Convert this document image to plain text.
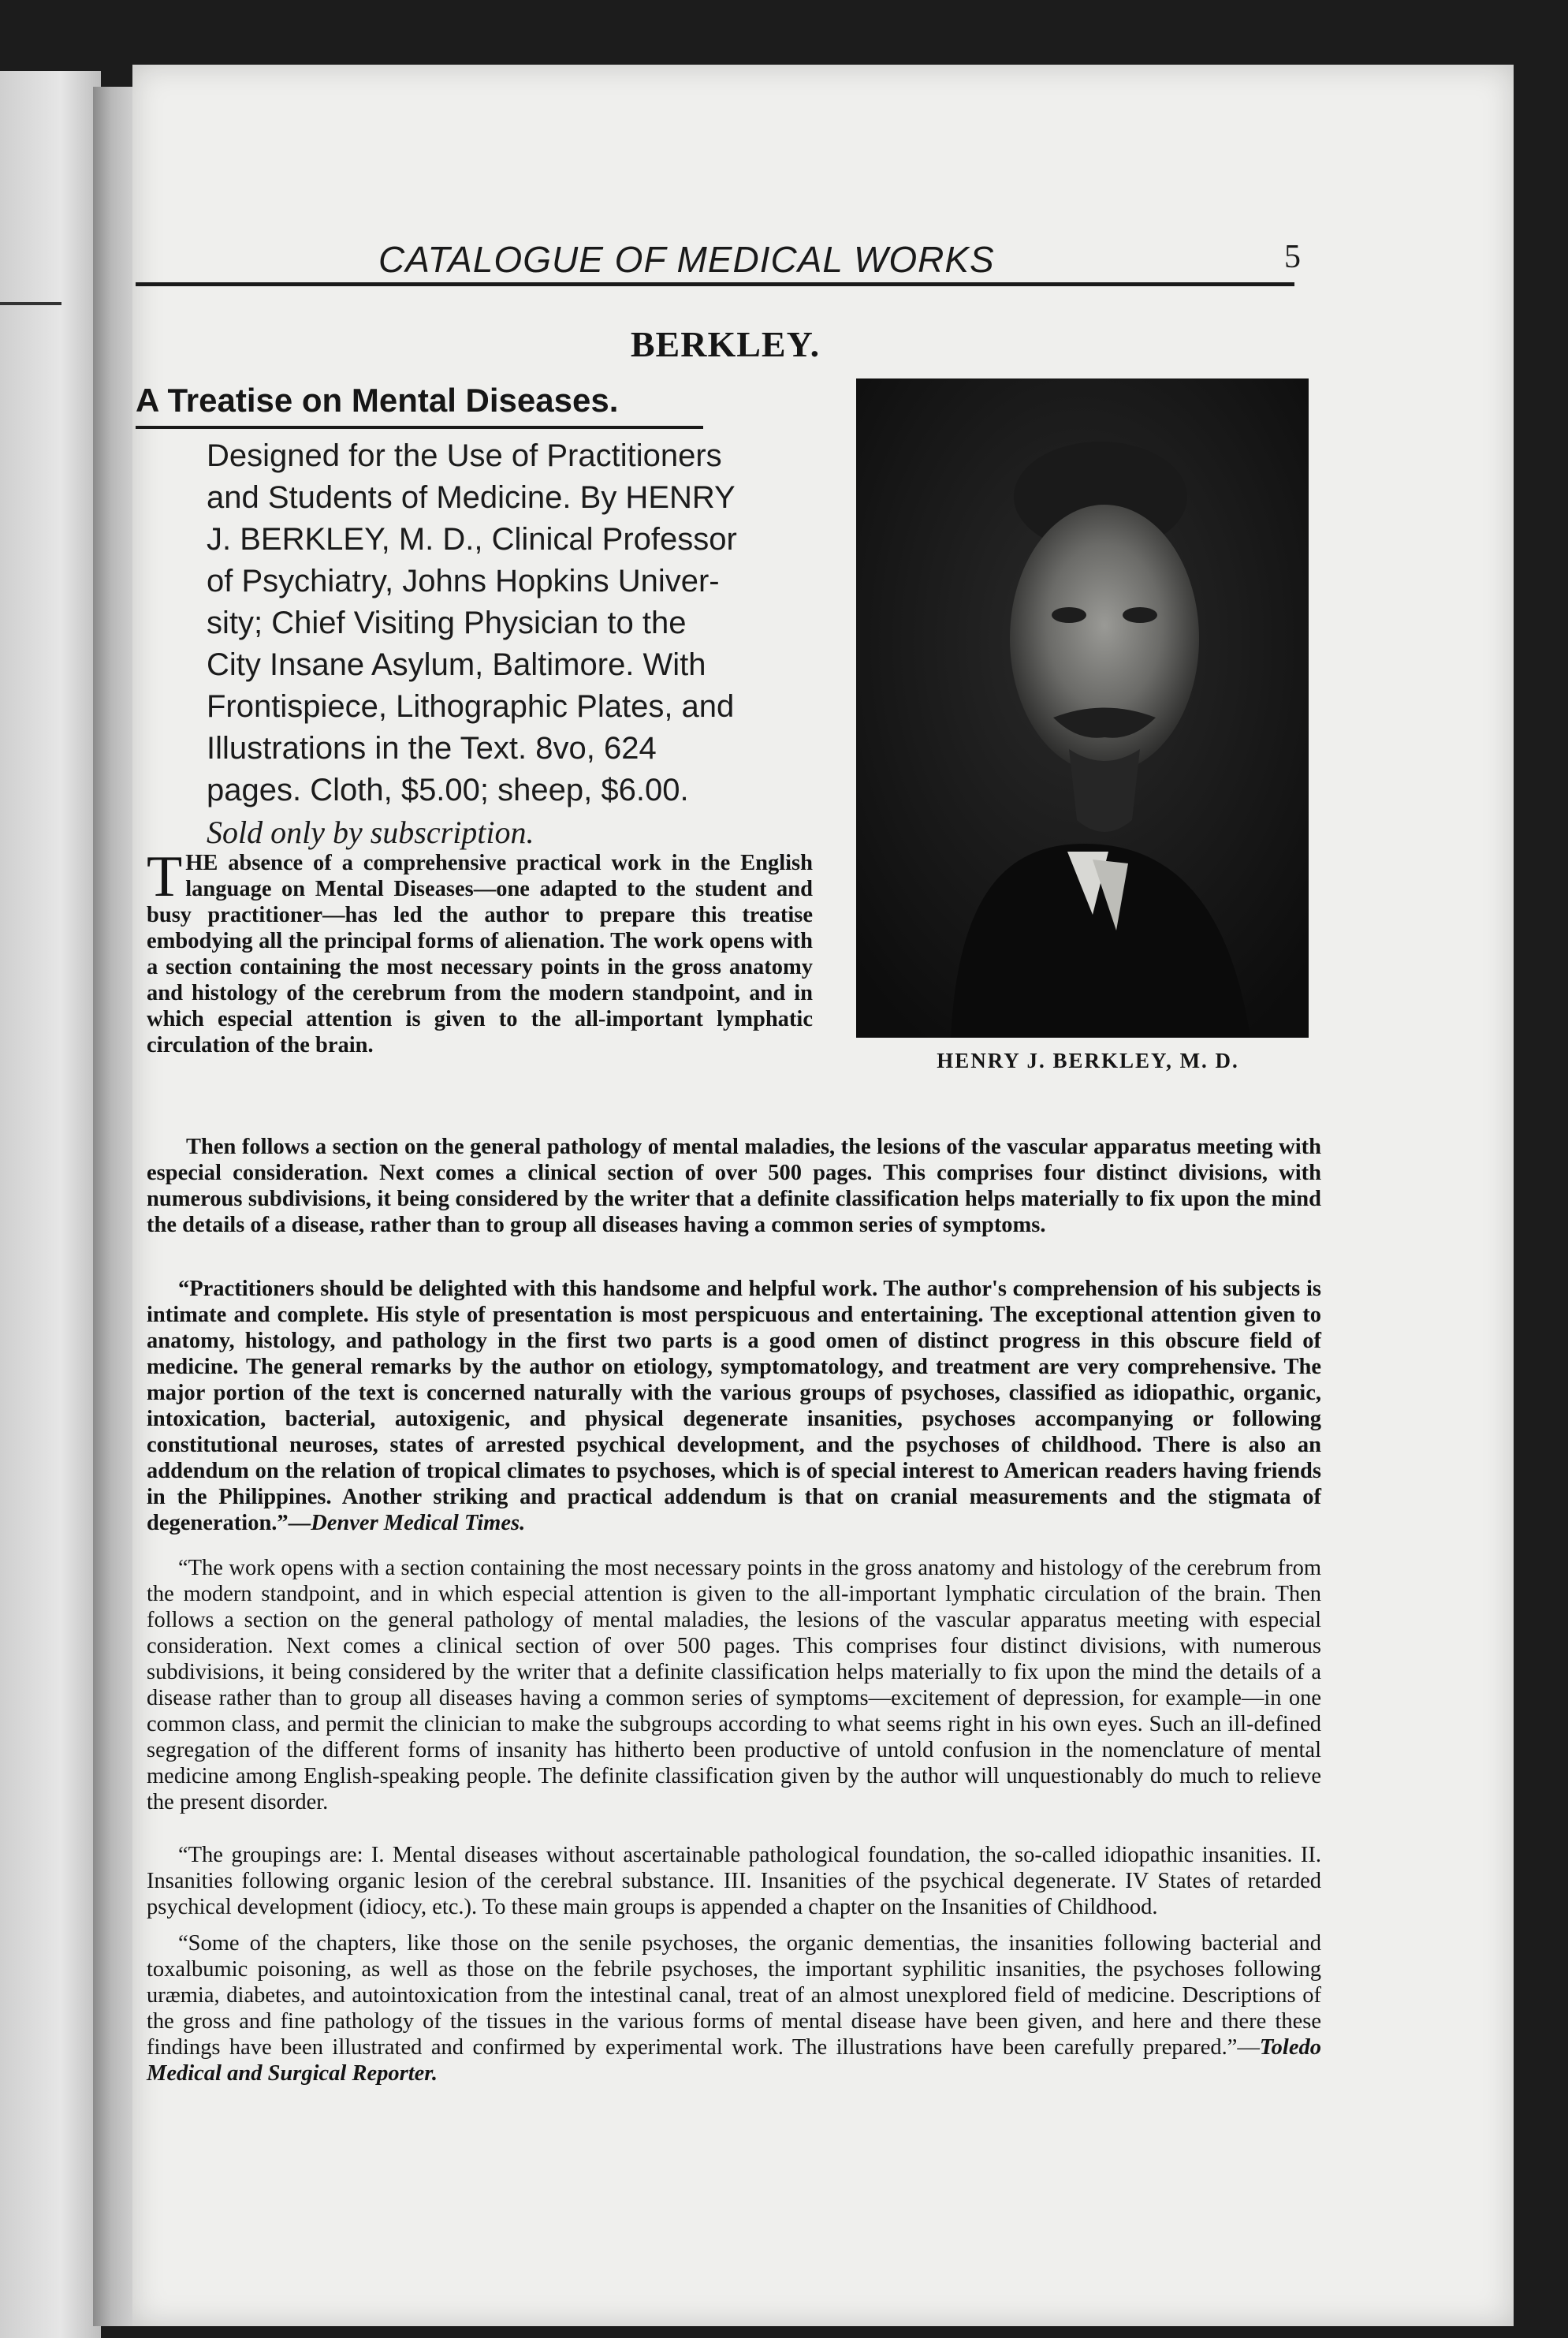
CATALOGUE OF MEDICAL WORKS	5
BERKLEY.
A Treatise on Mental Diseases.
Designed for the Use of Practitioners
and Students of Medicine. By HENRY
J. BERKLEY, M. D., Clinical Professor
of Psychiatry, Johns Hopkins Univer-
sity; Chief Visiting Physician to the
City Insane Asylum, Baltimore. With
Frontispiece, Lithographic Plates, and
Illustrations in the Text. 8vo, 624
pages. Cloth, $5.00; sheep, $6.00.
Sold only by subscription.
HENRY J. BERKLEY, M. D.
THE absence of a comprehensive practical work in the English language on Mental Diseases—one adapted to the student and busy practitioner—has led the author to prepare this treatise embodying all the principal forms of alienation. The work opens with a section containing the most necessary points in the gross anatomy and histology of the cerebrum from the modern standpoint, and in which especial attention is given to the all-important lymphatic circulation of the brain.
Then follows a section on the general pathology of mental maladies, the lesions of the vascular apparatus meeting with especial consideration. Next comes a clinical section of over 500 pages. This comprises four distinct divisions, with numerous subdivisions, it being considered by the writer that a definite classification helps materially to fix upon the mind the details of a disease, rather than to group all diseases having a common series of symptoms.
“Practitioners should be delighted with this handsome and helpful work. The author's comprehension of his subjects is intimate and complete. His style of presentation is most perspicuous and entertaining. The exceptional attention given to anatomy, histology, and pathology in the first two parts is a good omen of distinct progress in this obscure field of medicine. The general remarks by the author on etiology, symptomatology, and treatment are very comprehensive. The major portion of the text is concerned naturally with the various groups of psychoses, classified as idiopathic, organic, intoxication, bacterial, autoxigenic, and physical degenerate insanities, psychoses accompanying or following constitutional neuroses, states of arrested psychical development, and the psychoses of childhood. There is also an addendum on the relation of tropical climates to psychoses, which is of special interest to American readers having friends in the Philippines. Another striking and practical addendum is that on cranial measurements and the stigmata of degeneration.”—Denver Medical Times.
“The work opens with a section containing the most necessary points in the gross anatomy and histology of the cerebrum from the modern standpoint, and in which especial attention is given to the all-important lymphatic circulation of the brain. Then follows a section on the general pathology of mental maladies, the lesions of the vascular apparatus meeting with especial consideration. Next comes a clinical section of over 500 pages. This comprises four distinct divisions, with numerous subdivisions, it being considered by the writer that a definite classification helps materially to fix upon the mind the details of a disease rather than to group all diseases having a common series of symptoms—excitement of depression, for example—in one common class, and permit the clinician to make the subgroups according to what seems right in his own eyes. Such an ill-defined segregation of the different forms of insanity has hitherto been productive of untold confusion in the nomenclature of mental medicine among English-speaking people. The definite classification given by the author will unquestionably do much to relieve the present disorder.
“The groupings are: I. Mental diseases without ascertainable pathological foundation, the so-called idiopathic insanities. II. Insanities following organic lesion of the cerebral substance. III. Insanities of the psychical degenerate. IV States of retarded psychical development (idiocy, etc.). To these main groups is appended a chapter on the Insanities of Childhood.
“Some of the chapters, like those on the senile psychoses, the organic dementias, the insanities following bacterial and toxalbumic poisoning, as well as those on the febrile psychoses, the important syphilitic insanities, the psychoses following uræmia, diabetes, and autointoxication from the intestinal canal, treat of an almost unexplored field of medicine. Descriptions of the gross and fine pathology of the tissues in the various forms of mental disease have been given, and here and there these findings have been illustrated and confirmed by experimental work. The illustrations have been carefully prepared.”—Toledo Medical and Surgical Reporter.
